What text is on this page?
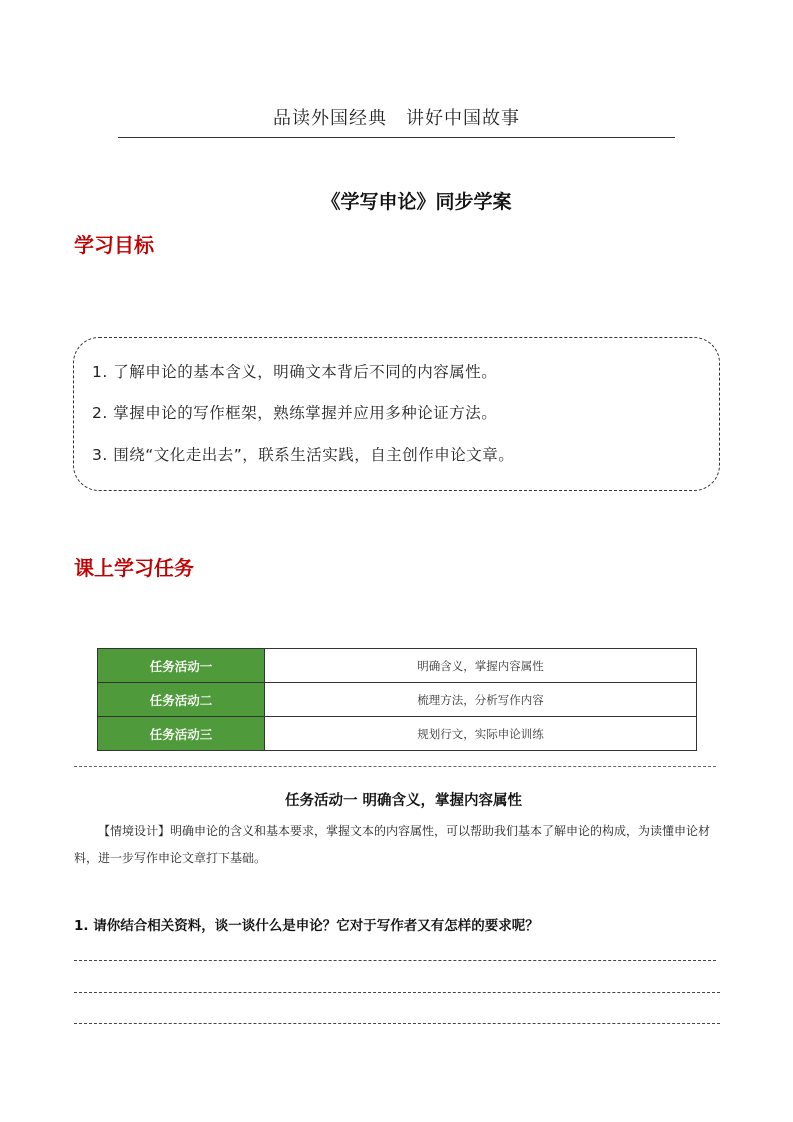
品读外国经典　讲好中国故事
《学写申论》同步学案
学习目标
1. 了解申论的基本含义，明确文本背后不同的内容属性。
2. 掌握申论的写作框架，熟练掌握并应用多种论证方法。
3. 围绕“文化走出去”，联系生活实践，自主创作申论文章。
课上学习任务
任务活动一	明确含义，掌握内容属性
任务活动二	梳理方法，分析写作内容
任务活动三	规划行文，实际申论训练
任务活动一 明确含义，掌握内容属性
【情境设计】明确申论的含义和基本要求，掌握文本的内容属性，可以帮助我们基本了解申论的构成，为读懂申论材料，进一步写作申论文章打下基础。
1. 请你结合相关资料，谈一谈什么是申论？它对于写作者又有怎样的要求呢？
